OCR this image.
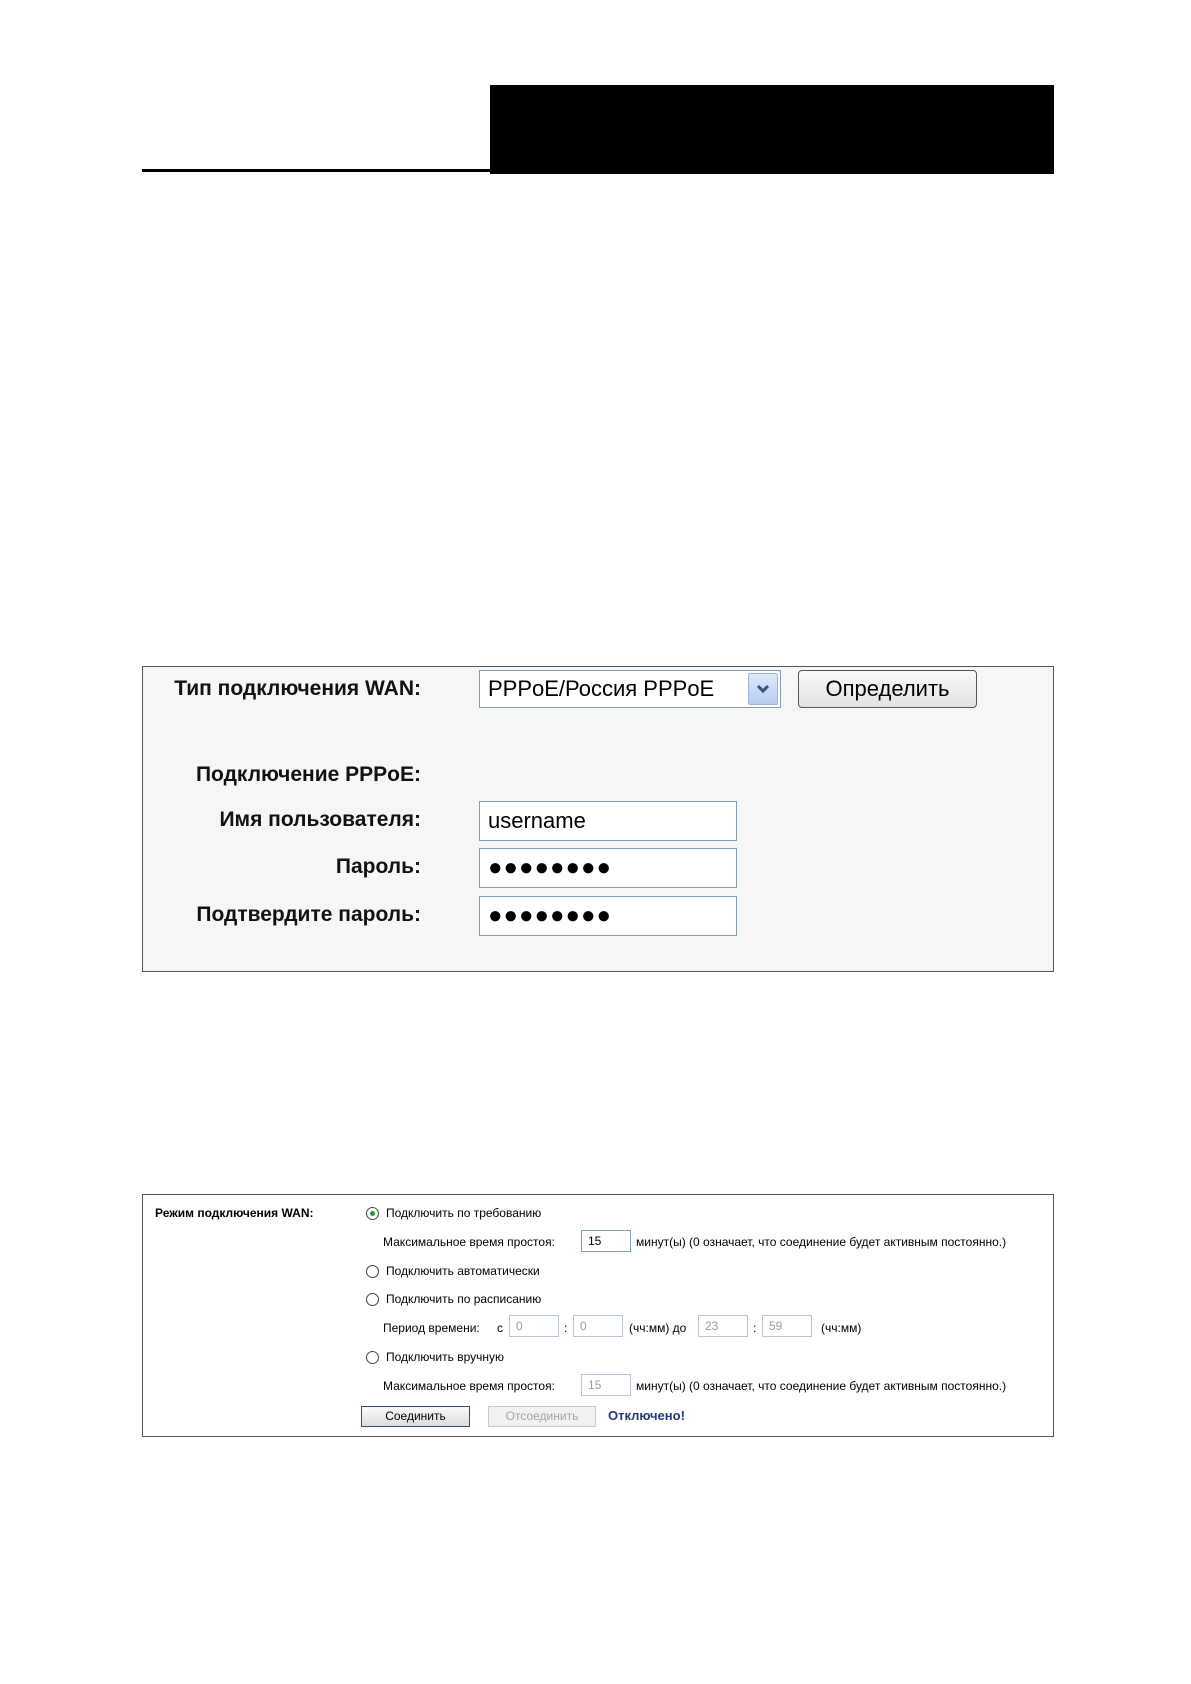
Тип подключения WAN:	PPPoE/Россия PPPoE	Определить
Подключение PPPoE:
Имя пользователя:	username
Пароль:	●●●●●●●●
Подтвердите пароль:	●●●●●●●●
Режим подключения WAN:	Подключить по требованию
Максимальное время простоя:	15	минут(ы) (0 означает, что соединение будет активным постоянно.)
Подключить автоматически
Подключить по расписанию
Период времени: с	0	:	0	(чч:мм) до	23	:	59	(чч:мм)
Подключить вручную
Максимальное время простоя:	15	минут(ы) (0 означает, что соединение будет активным постоянно.)
Соединить	Отсоединить	Отключено!
